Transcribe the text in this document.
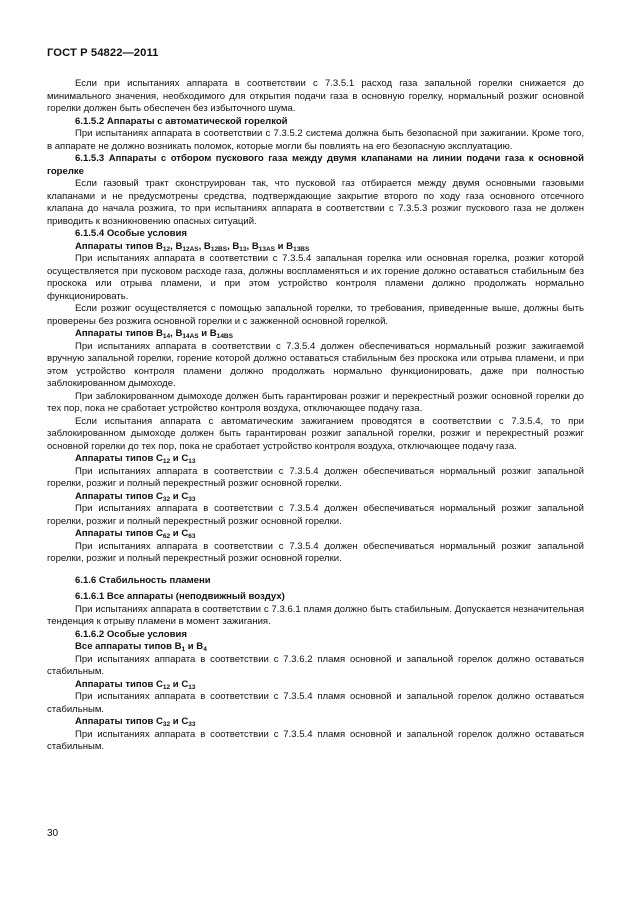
ГОСТ Р 54822—2011

Если при испытаниях аппарата в соответствии с 7.3.5.1 расход газа запальной горелки снижается до минимального значения, необходимого для открытия подачи газа в основную горелку, нормальный розжиг основной горелки должен быть обеспечен без избыточного шума.

6.1.5.2 Аппараты с автоматической горелкой

При испытаниях аппарата в соответствии с 7.3.5.2 система должна быть безопасной при зажигании. Кроме того, в аппарате не должно возникать поломок, которые могли бы повлиять на его безопасную эксплуатацию.

6.1.5.3 Аппараты с отбором пускового газа между двумя клапанами на линии подачи газа к основной горелке

Если газовый тракт сконструирован так, что пусковой газ отбирается между двумя основными газовыми клапанами и не предусмотрены средства, подтверждающие закрытие второго по ходу газа основного отсечного клапана до начала розжига, то при испытаниях аппарата в соответствии с 7.3.5.3 розжиг пускового газа не должен приводить к возникновению опасных ситуаций.

6.1.5.4 Особые условия

Аппараты типов $B_{12}$, $B_{12AS}$, $B_{12BS}$, $B_{13}$, $B_{13AS}$ и $B_{13BS}$

При испытаниях аппарата в соответствии с 7.3.5.4 запальная горелка или основная горелка, розжиг которой осуществляется при пусковом расходе газа, должны воспламеняться и их горение должно оставаться стабильным без проскока или отрыва пламени, и при этом устройство контроля пламени должно продолжать нормально функционировать.

Если розжиг осуществляется с помощью запальной горелки, то требования, приведенные выше, должны быть проверены без розжига основной горелки и с зажженной основной горелкой.

Аппараты типов $B_{14}$, $B_{14AS}$ и $B_{14BS}$

При испытаниях аппарата в соответствии с 7.3.5.4 должен обеспечиваться нормальный розжиг зажигаемой вручную запальной горелки, горение которой должно оставаться стабильным без проскока или отрыва пламени, и при этом устройство контроля пламени должно продолжать нормально функционировать, даже при полностью заблокированном дымоходе.

При заблокированном дымоходе должен быть гарантирован розжиг и перекрестный розжиг основной горелки до тех пор, пока не сработает устройство контроля воздуха, отключающее подачу газа.

Если испытания аппарата с автоматическим зажиганием проводятся в соответствии с 7.3.5.4, то при заблокированном дымоходе должен быть гарантирован розжиг запальной горелки, розжиг и перекрестный розжиг основной горелки до тех пор, пока не сработает устройство контроля воздуха, отключающее подачу газа.

Аппараты типов $C_{12}$ и $C_{13}$

При испытаниях аппарата в соответствии с 7.3.5.4 должен обеспечиваться нормальный розжиг запальной горелки, розжиг и полный перекрестный розжиг основной горелки.

Аппараты типов $C_{32}$ и $C_{33}$

При испытаниях аппарата в соответствии с 7.3.5.4 должен обеспечиваться нормальный розжиг запальной горелки, розжиг и полный перекрестный розжиг основной горелки.

Аппараты типов $C_{62}$ и $C_{63}$

При испытаниях аппарата в соответствии с 7.3.5.4 должен обеспечиваться нормальный розжиг запальной горелки, розжиг и полный перекрестный розжиг основной горелки.

6.1.6 Стабильность пламени

6.1.6.1 Все аппараты (неподвижный воздух)

При испытаниях аппарата в соответствии с 7.3.6.1 пламя должно быть стабильным. Допускается незначительная тенденция к отрыву пламени в момент зажигания.

6.1.6.2 Особые условия

Все аппараты типов $B_1$ и $B_4$

При испытаниях аппарата в соответствии с 7.3.6.2 пламя основной и запальной горелок должно оставаться стабильным.

Аппараты типов $C_{12}$ и $C_{13}$

При испытаниях аппарата в соответствии с 7.3.5.4 пламя основной и запальной горелок должно оставаться стабильным.

Аппараты типов $C_{32}$ и $C_{33}$

При испытаниях аппарата в соответствии с 7.3.5.4 пламя основной и запальной горелок должно оставаться стабильным.

30
